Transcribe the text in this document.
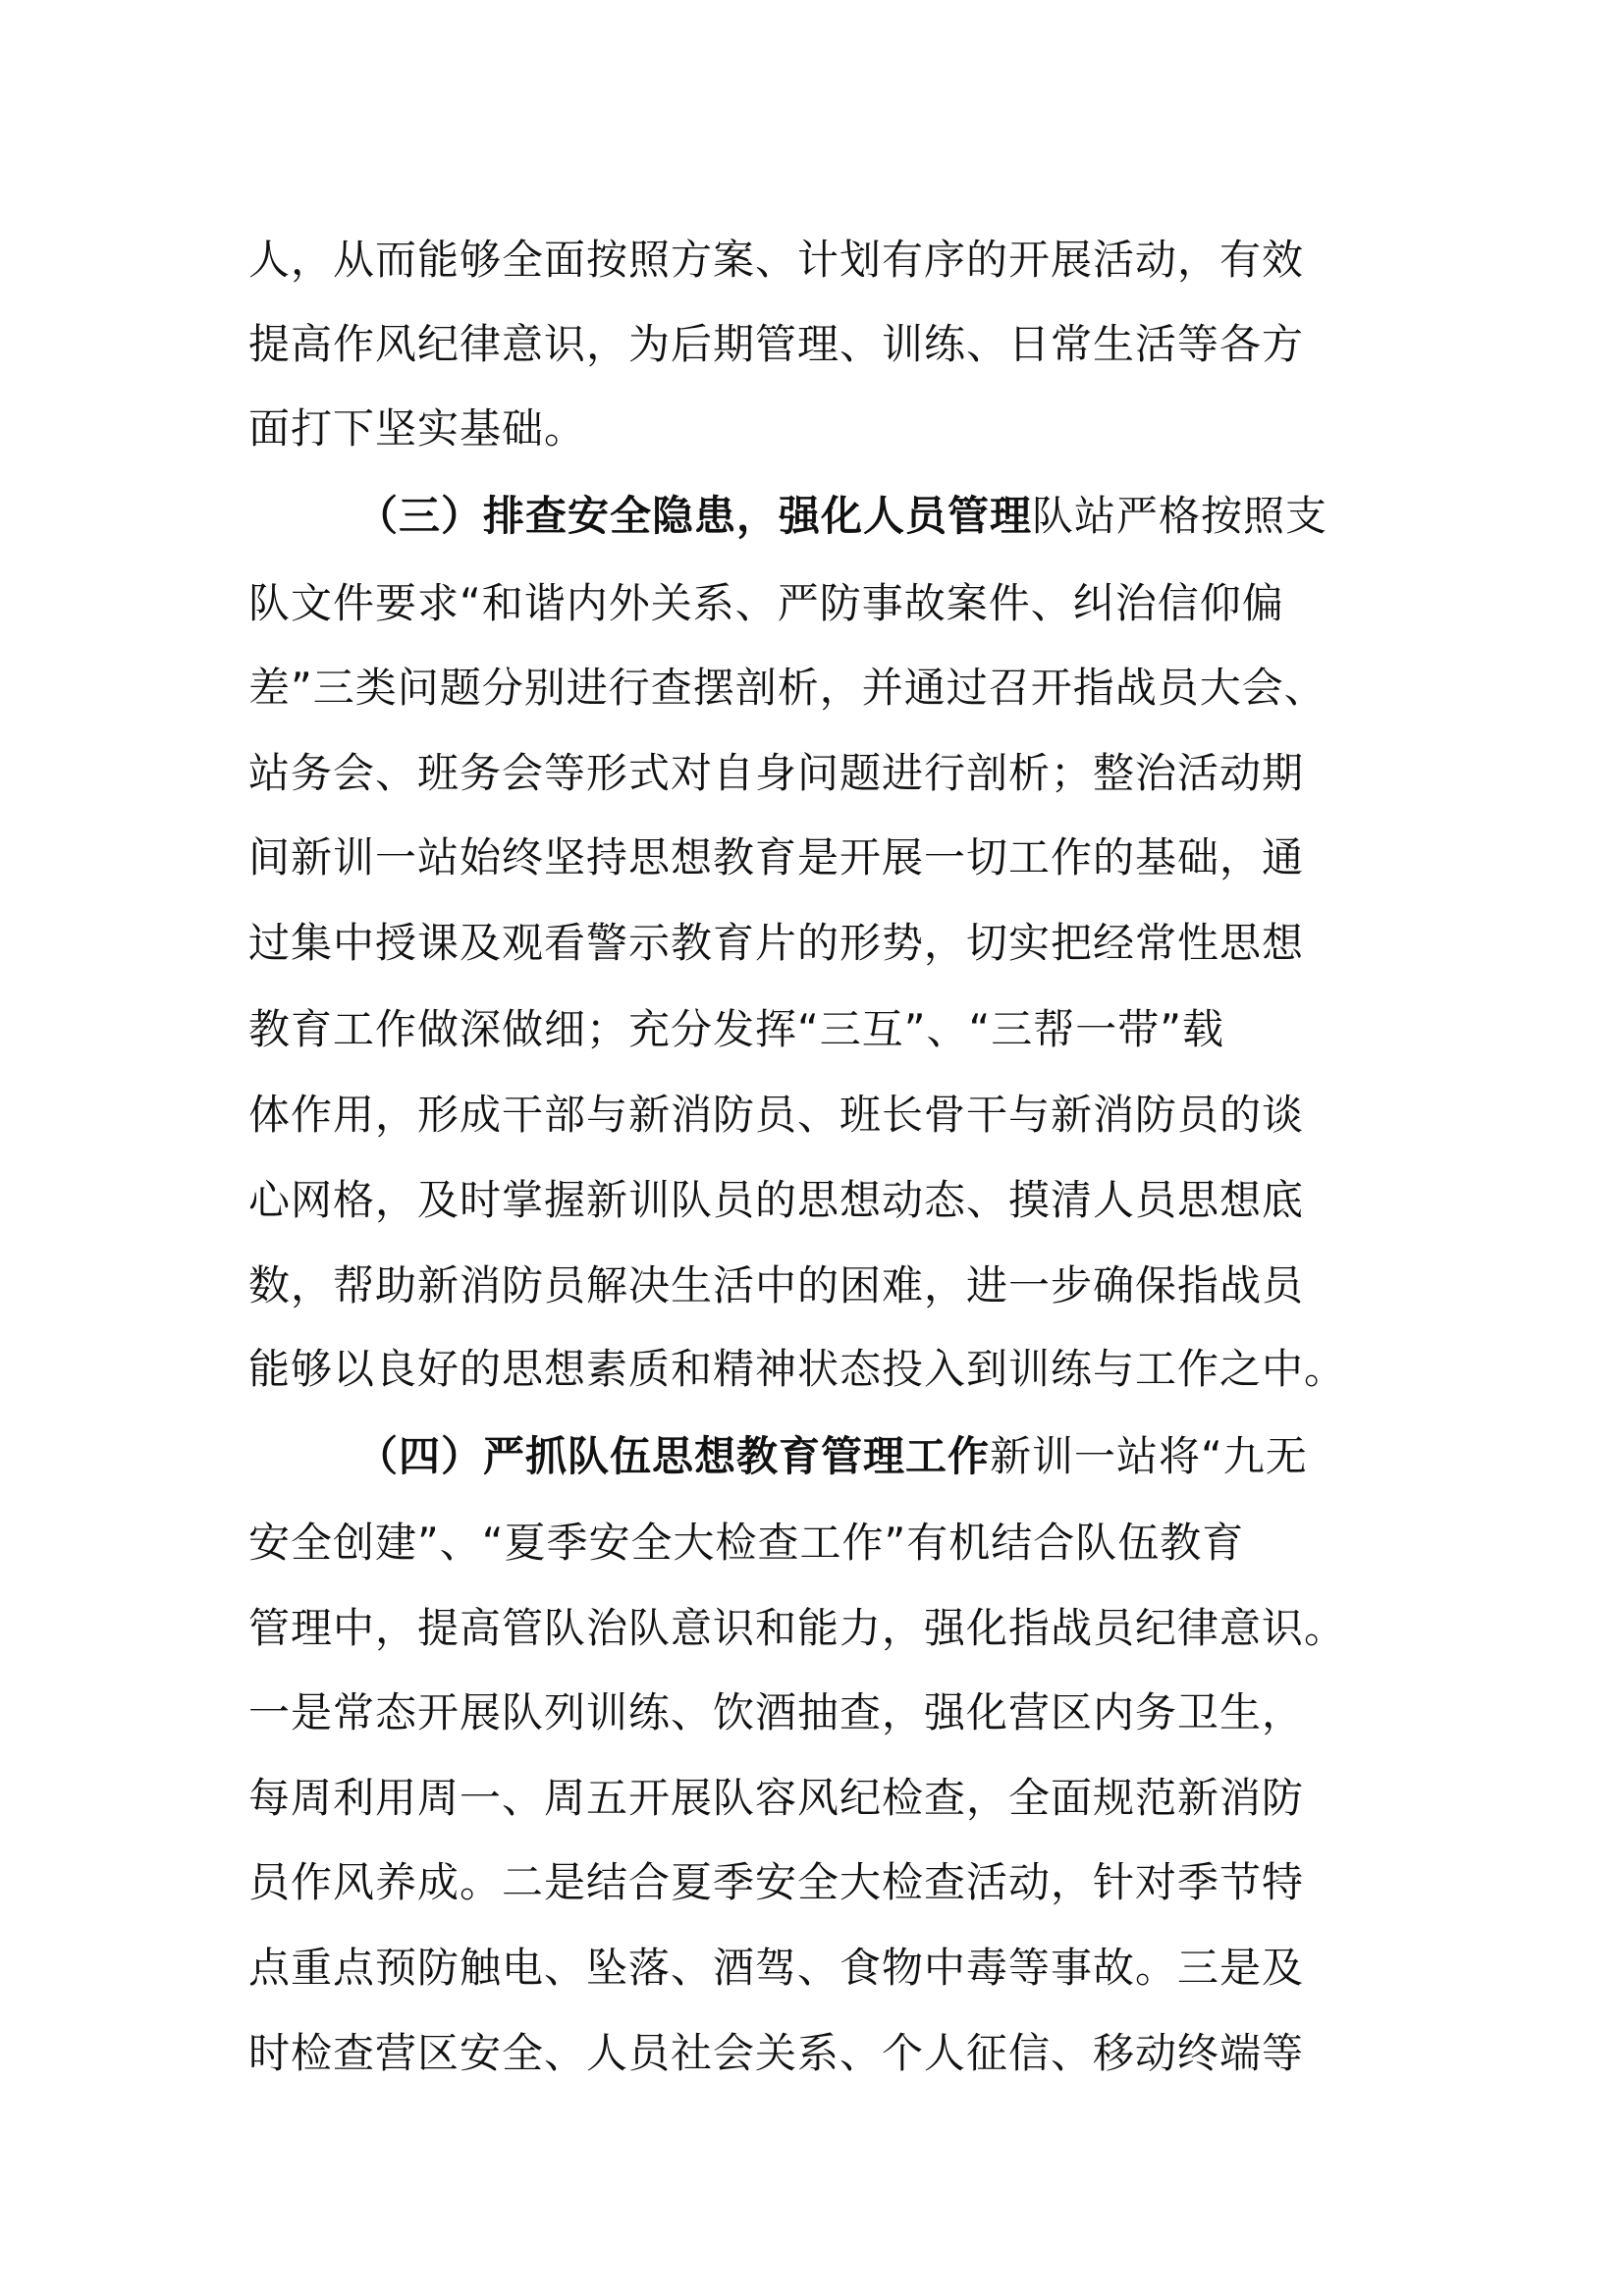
人，从而能够全面按照方案、计划有序的开展活动，有效
提高作风纪律意识，为后期管理、训练、日常生活等各方
面打下坚实基础。
（三）排查安全隐患，强化人员管理队站严格按照支
队文件要求“和谐内外关系、严防事故案件、纠治信仰偏
差”三类问题分别进行查摆剖析，并通过召开指战员大会、
站务会、班务会等形式对自身问题进行剖析；整治活动期
间新训一站始终坚持思想教育是开展一切工作的基础，通
过集中授课及观看警示教育片的形势，切实把经常性思想
教育工作做深做细；充分发挥“三互”、“三帮一带”载
体作用，形成干部与新消防员、班长骨干与新消防员的谈
心网格，及时掌握新训队员的思想动态、摸清人员思想底
数，帮助新消防员解决生活中的困难，进一步确保指战员
能够以良好的思想素质和精神状态投入到训练与工作之中。
（四）严抓队伍思想教育管理工作新训一站将“九无
安全创建”、“夏季安全大检查工作”有机结合队伍教育
管理中，提高管队治队意识和能力，强化指战员纪律意识。
一是常态开展队列训练、饮酒抽查，强化营区内务卫生，
每周利用周一、周五开展队容风纪检查，全面规范新消防
员作风养成。二是结合夏季安全大检查活动，针对季节特
点重点预防触电、坠落、酒驾、食物中毒等事故。三是及
时检查营区安全、人员社会关系、个人征信、移动终端等
